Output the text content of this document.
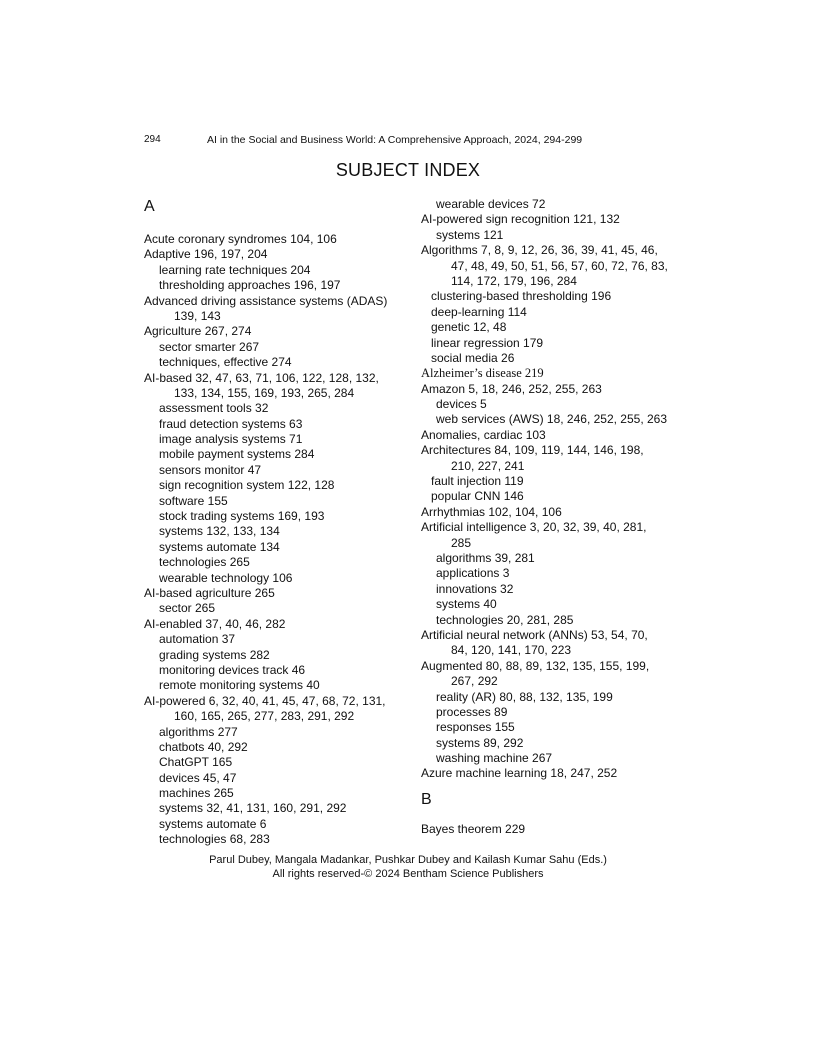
294	AI in the Social and Business World: A Comprehensive Approach, 2024, 294-299
SUBJECT INDEX
A
Acute coronary syndromes 104, 106
Adaptive 196, 197, 204
learning rate techniques 204
thresholding approaches 196, 197
Advanced driving assistance systems (ADAS)
139, 143
Agriculture 267, 274
sector smarter 267
techniques, effective 274
AI-based 32, 47, 63, 71, 106, 122, 128, 132,
133, 134, 155, 169, 193, 265, 284
assessment tools 32
fraud detection systems 63
image analysis systems 71
mobile payment systems 284
sensors monitor 47
sign recognition system 122, 128
software 155
stock trading systems 169, 193
systems 132, 133, 134
systems automate 134
technologies 265
wearable technology 106
AI-based agriculture 265
sector 265
AI-enabled 37, 40, 46, 282
automation 37
grading systems 282
monitoring devices track 46
remote monitoring systems 40
AI-powered 6, 32, 40, 41, 45, 47, 68, 72, 131,
160, 165, 265, 277, 283, 291, 292
algorithms 277
chatbots 40, 292
ChatGPT 165
devices 45, 47
machines 265
systems 32, 41, 131, 160, 291, 292
systems automate 6
technologies 68, 283
wearable devices 72
AI-powered sign recognition 121, 132
systems 121
Algorithms 7, 8, 9, 12, 26, 36, 39, 41, 45, 46,
47, 48, 49, 50, 51, 56, 57, 60, 72, 76, 83,
114, 172, 179, 196, 284
clustering-based thresholding 196
deep-learning 114
genetic 12, 48
linear regression 179
social media 26
Alzheimer’s disease 219
Amazon 5, 18, 246, 252, 255, 263
devices 5
web services (AWS) 18, 246, 252, 255, 263
Anomalies, cardiac 103
Architectures 84, 109, 119, 144, 146, 198,
210, 227, 241
fault injection 119
popular CNN 146
Arrhythmias 102, 104, 106
Artificial intelligence 3, 20, 32, 39, 40, 281,
285
algorithms 39, 281
applications 3
innovations 32
systems 40
technologies 20, 281, 285
Artificial neural network (ANNs) 53, 54, 70,
84, 120, 141, 170, 223
Augmented 80, 88, 89, 132, 135, 155, 199,
267, 292
reality (AR) 80, 88, 132, 135, 199
processes 89
responses 155
systems 89, 292
washing machine 267
Azure machine learning 18, 247, 252
B
Bayes theorem 229
Parul Dubey, Mangala Madankar, Pushkar Dubey and Kailash Kumar Sahu (Eds.)
All rights reserved-© 2024 Bentham Science Publishers
